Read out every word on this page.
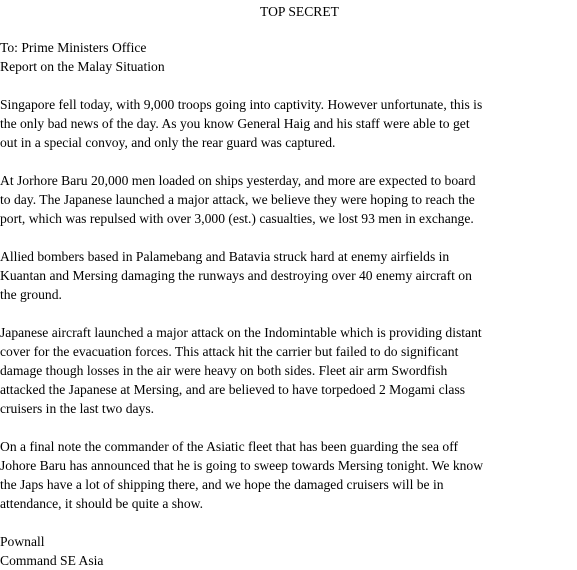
TOP SECRET
To: Prime Ministers Office
Report on the Malay Situation
Singapore fell today, with 9,000 troops going into captivity. However unfortunate, this is
the only bad news of the day. As you know General Haig and his staff were able to get
out in a special convoy, and only the rear guard was captured.
At Jorhore Baru 20,000 men loaded on ships yesterday, and more are expected to board
to day. The Japanese launched a major attack, we believe they were hoping to reach the
port, which was repulsed with over 3,000 (est.) casualties, we lost 93 men in exchange.
Allied bombers based in Palamebang and Batavia struck hard at enemy airfields in
Kuantan and Mersing damaging the runways and destroying over 40 enemy aircraft on
the ground.
Japanese aircraft launched a major attack on the Indomintable which is providing distant
cover for the evacuation forces. This attack hit the carrier but failed to do significant
damage though losses in the air were heavy on both sides. Fleet air arm Swordfish
attacked the Japanese at Mersing, and are believed to have torpedoed 2 Mogami class
cruisers in the last two days.
On a final note the commander of the Asiatic fleet that has been guarding the sea off
Johore Baru has announced that he is going to sweep towards Mersing tonight. We know
the Japs have a lot of shipping there, and we hope the damaged cruisers will be in
attendance, it should be quite a show.
Pownall
Command SE Asia
